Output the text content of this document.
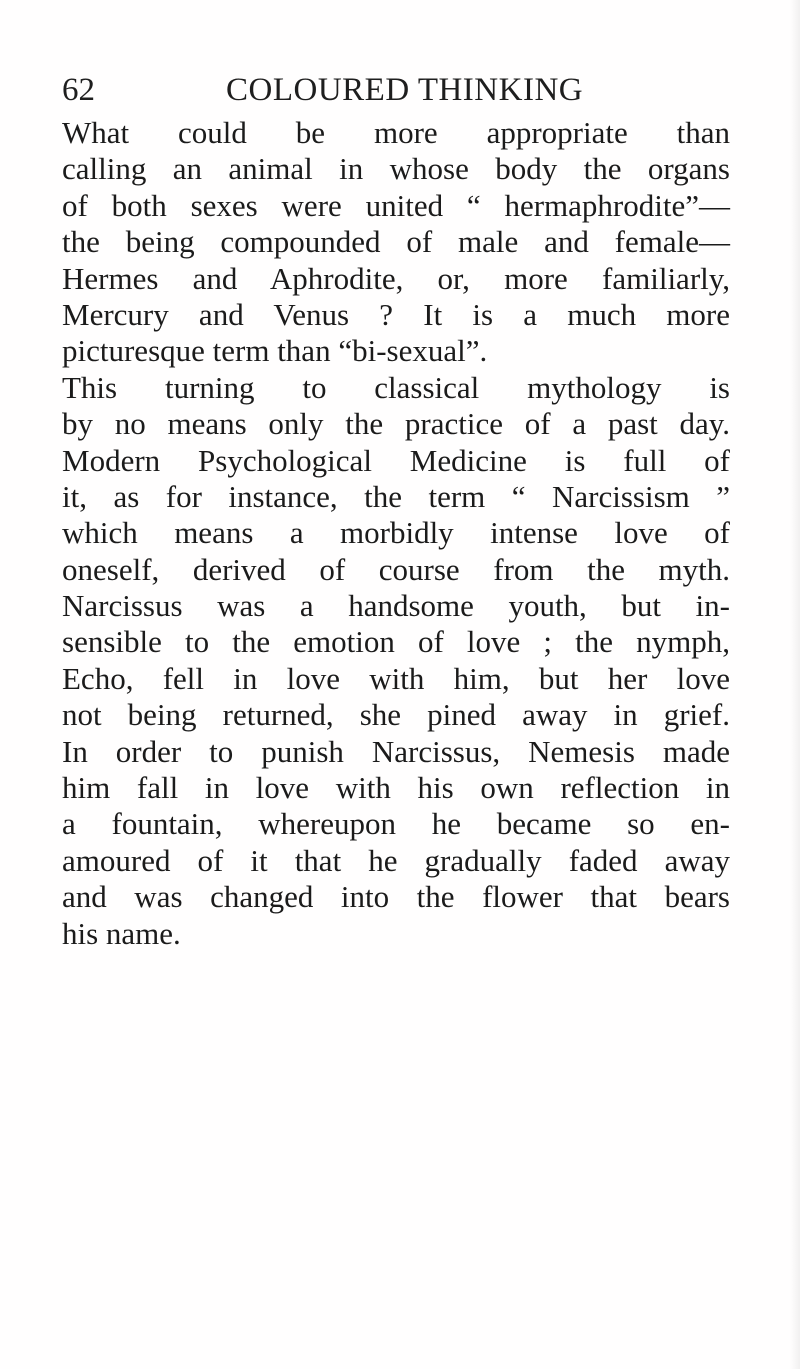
62	COLOURED THINKING
What could be more appropriate than
calling an animal in whose body the organs
of both sexes were united “ hermaphrodite”—
the being compounded of male and female—
Hermes and Aphrodite, or, more familiarly,
Mercury and Venus ? It is a much more
picturesque term than “bi-sexual”.
This turning to classical mythology is
by no means only the practice of a past day.
Modern Psychological Medicine is full of
it, as for instance, the term “ Narcissism ”
which means a morbidly intense love of
oneself, derived of course from the myth.
Narcissus was a handsome youth, but in-
sensible to the emotion of love ; the nymph,
Echo, fell in love with him, but her love
not being returned, she pined away in grief.
In order to punish Narcissus, Nemesis made
him fall in love with his own reflection in
a fountain, whereupon he became so en-
amoured of it that he gradually faded away
and was changed into the flower that bears
his name.
